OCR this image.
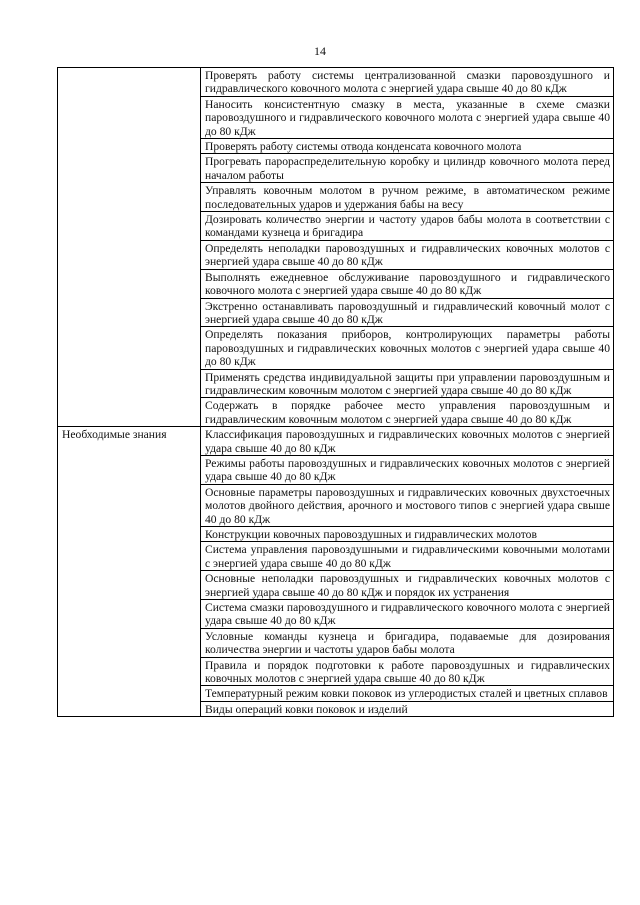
14
	Проверять работу системы централизованной смазки паровоздушного и гидравлического ковочного молота с энергией удара свыше 40 до 80 кДж
	Наносить консистентную смазку в места, указанные в схеме смазки паровоздушного и гидравлического ковочного молота с энергией удара свыше 40 до 80 кДж
	Проверять работу системы отвода конденсата ковочного молота
	Прогревать парораспределительную коробку и цилиндр ковочного молота перед началом работы
	Управлять ковочным молотом в ручном режиме, в автоматическом режиме последовательных ударов и удержания бабы на весу
	Дозировать количество энергии и частоту ударов бабы молота в соответствии с командами кузнеца и бригадира
	Определять неполадки паровоздушных и гидравлических ковочных молотов с энергией удара свыше 40 до 80 кДж
	Выполнять ежедневное обслуживание паровоздушного и гидравлического ковочного молота с энергией удара свыше 40 до 80 кДж
	Экстренно останавливать паровоздушный и гидравлический ковочный молот с энергией удара свыше 40 до 80 кДж
	Определять показания приборов, контролирующих параметры работы паровоздушных и гидравлических ковочных молотов с энергией удара свыше 40 до 80 кДж
	Применять средства индивидуальной защиты при управлении паровоздушным и гидравлическим ковочным молотом с энергией удара свыше 40 до 80 кДж
	Содержать в порядке рабочее место управления паровоздушным и гидравлическим ковочным молотом с энергией удара свыше 40 до 80 кДж
Необходимые знания	Классификация паровоздушных и гидравлических ковочных молотов с энергией удара свыше 40 до 80 кДж
	Режимы работы паровоздушных и гидравлических ковочных молотов с энергией удара свыше 40 до 80 кДж
	Основные параметры паровоздушных и гидравлических ковочных двухстоечных молотов двойного действия, арочного и мостового типов с энергией удара свыше 40 до 80 кДж
	Конструкции ковочных паровоздушных и гидравлических молотов
	Система управления паровоздушными и гидравлическими ковочными молотами с энергией удара свыше 40 до 80 кДж
	Основные неполадки паровоздушных и гидравлических ковочных молотов с энергией удара свыше 40 до 80 кДж и порядок их устранения
	Система смазки паровоздушного и гидравлического ковочного молота с энергией удара свыше 40 до 80 кДж
	Условные команды кузнеца и бригадира, подаваемые для дозирования количества энергии и частоты ударов бабы молота
	Правила и порядок подготовки к работе паровоздушных и гидравлических ковочных молотов с энергией удара свыше 40 до 80 кДж
	Температурный режим ковки поковок из углеродистых сталей и цветных сплавов
	Виды операций ковки поковок и изделий
